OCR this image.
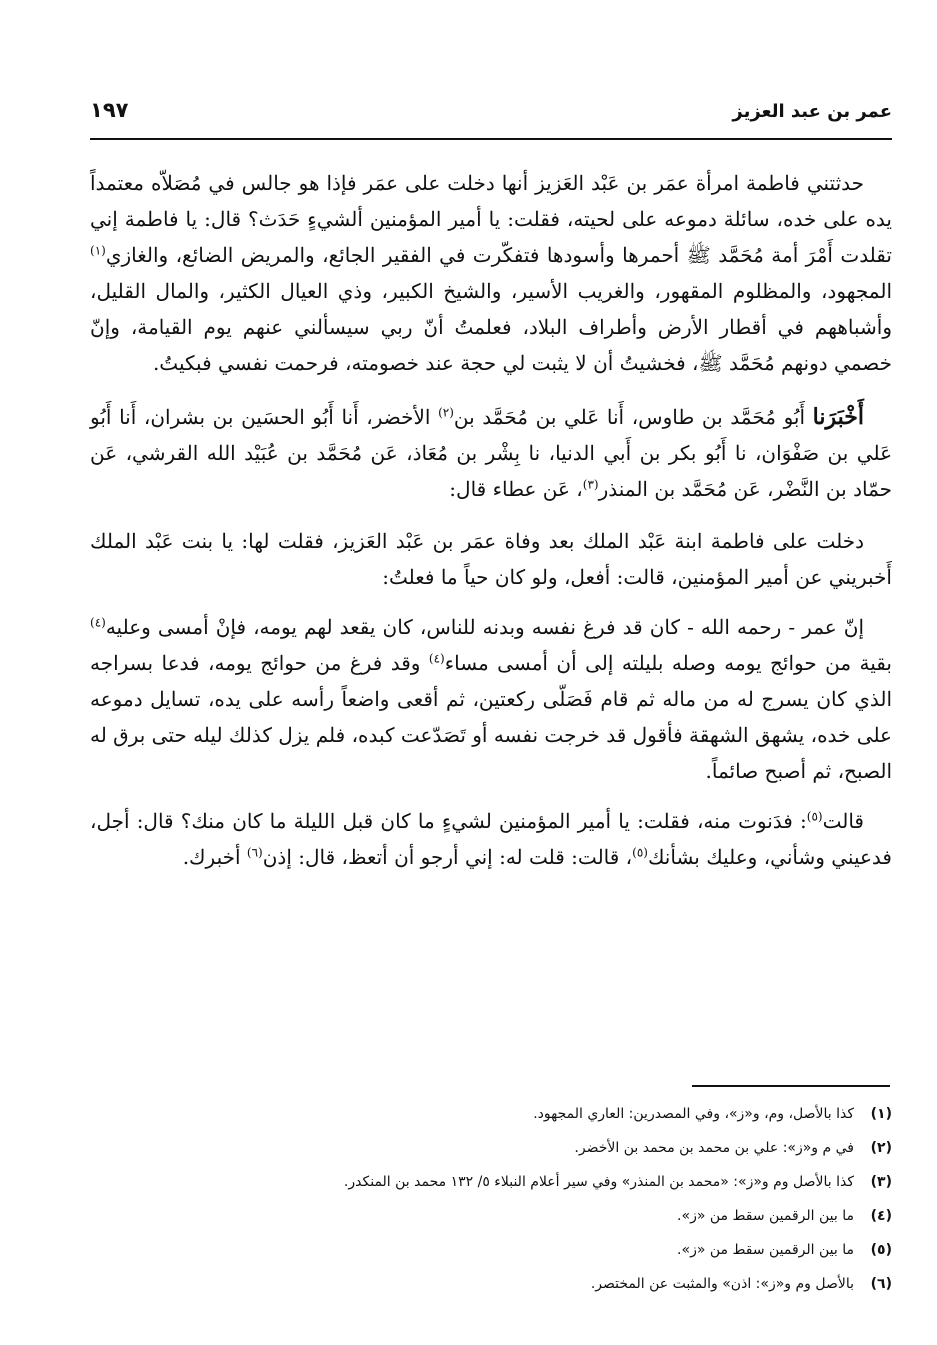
عمر بن عبد العزيز
١٩٧

حدثتني فاطمة امرأة عمَر بن عَبْد العَزيز أنها دخلت على عمَر فإذا هو جالس في مُصَلاّه معتمداً يده على خده، سائلة دموعه على لحيته، فقلت: يا أمير المؤمنين ألشيءٍ حَدَث؟ قال: يا فاطمة إني تقلدت أَمْرَ أمة مُحَمَّد ﷺ أحمرها وأسودها فتفكّرت في الفقير الجائع، والمريض الضائع، والغازي$^{(١)}$ المجهود، والمظلوم المقهور، والغريب الأسير، والشيخ الكبير، وذي العيال الكثير، والمال القليل، وأشباههم في أقطار الأرض وأطراف البلاد، فعلمتُ أنّ ربي سيسألني عنهم يوم القيامة، وإنّ خصمي دونهم مُحَمَّد ﷺ، فخشيتُ أن لا يثبت لي حجة عند خصومته، فرحمت نفسي فبكيتُ.

أَخْبَرَنا أَبُو مُحَمَّد بن طاوس، أَنا عَلي بن مُحَمَّد بن$^{(٢)}$ الأخضر، أَنا أَبُو الحسَين بن بشران، أَنا أَبُو عَلي بن صَفْوَان، نا أَبُو بكر بن أَبي الدنيا، نا بِشْر بن مُعَاذ، عَن مُحَمَّد بن عُبَيْد الله القرشي، عَن حمّاد بن النَّضْر، عَن مُحَمَّد بن المنذر$^{(٣)}$، عَن عطاء قال:

دخلت على فاطمة ابنة عَبْد الملك بعد وفاة عمَر بن عَبْد العَزيز، فقلت لها: يا بنت عَبْد الملك أَخبريني عن أمير المؤمنين، قالت: أفعل، ولو كان حياً ما فعلتُ:

إنّ عمر - رحمه الله - كان قد فرغ نفسه وبدنه للناس، كان يقعد لهم يومه، فإنْ أمسى وعليه$^{(٤)}$ بقية من حوائج يومه وصله بليلته إلى أن أمسى مساء$^{(٤)}$ وقد فرغ من حوائج يومه، فدعا بسراجه الذي كان يسرج له من ماله ثم قام فَصَلّى ركعتين، ثم أقعى واضعاً رأسه على يده، تسايل دموعه على خده، يشهق الشهقة فأقول قد خرجت نفسه أو تَصَدّعت كبده، فلم يزل كذلك ليله حتى برق له الصبح، ثم أصبح صائماً.

قالت$^{(٥)}$: فدَنوت منه، فقلت: يا أمير المؤمنين لشيءٍ ما كان قبل الليلة ما كان منك؟ قال: أجل، فدعيني وشأني، وعليك بشأنك$^{(٥)}$، قالت: قلت له: إني أرجو أن أتعظ، قال: إذن$^{(٦)}$ أخبرك.

(١)
كذا بالأصل، وم، و«ز»، وفي المصدرين: العاري المجهود.
(٢)
في م و«ز»: علي بن محمد بن محمد بن الأخضر.
(٣)
كذا بالأصل وم و«ز»: «محمد بن المنذر» وفي سير أعلام النبلاء ٥/ ١٣٢ محمد بن المنكدر.
(٤)
ما بين الرقمين سقط من «ز».
(٥)
ما بين الرقمين سقط من «ز».
(٦)
بالأصل وم و«ز»: اذن» والمثبت عن المختصر.
